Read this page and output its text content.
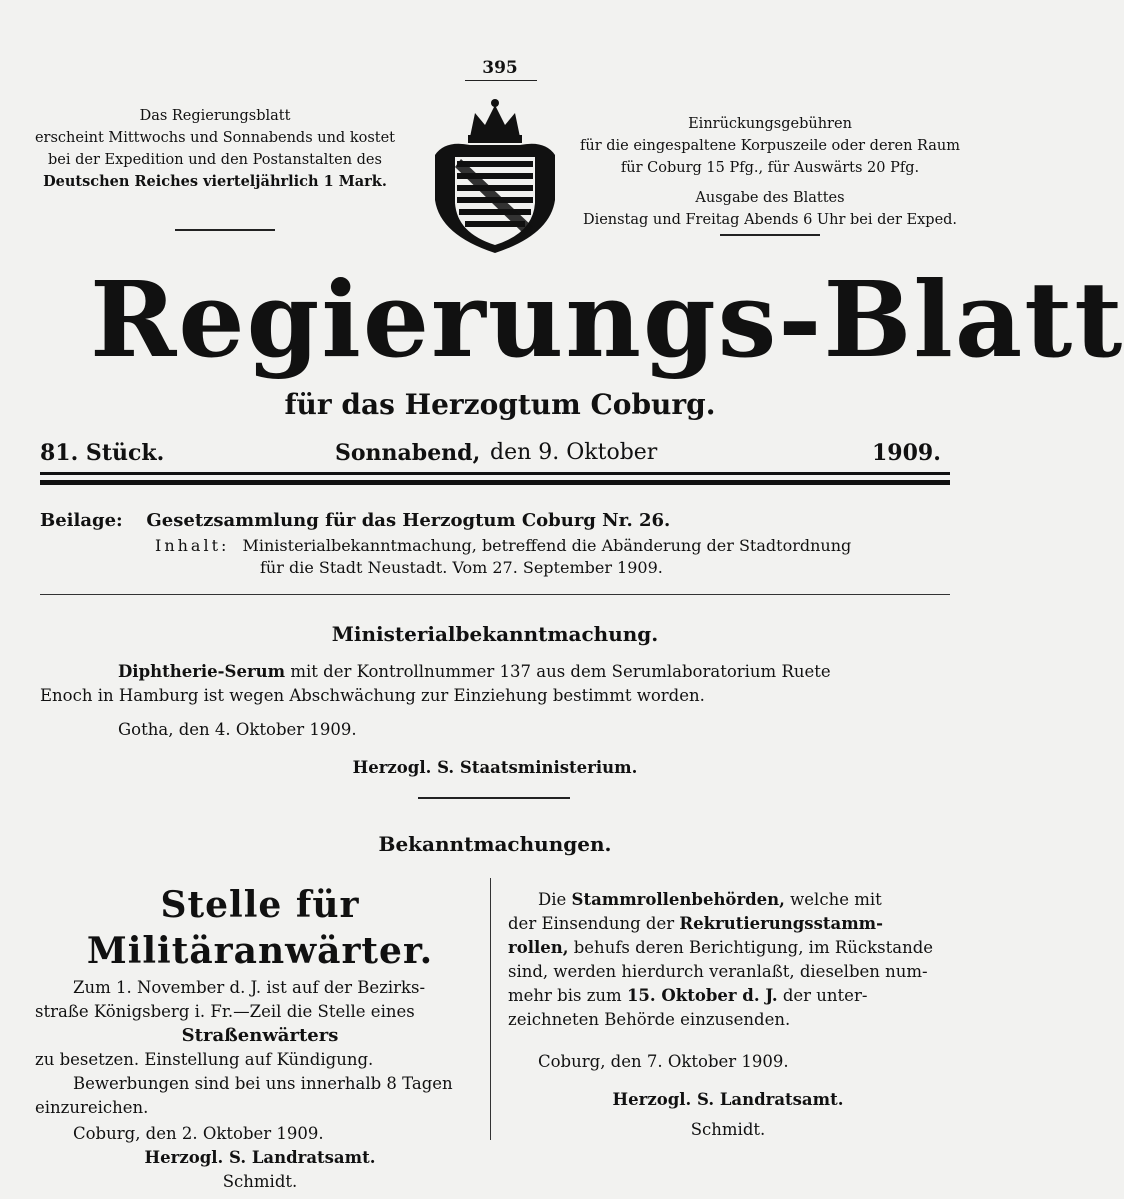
395
Das Regierungsblatt
erscheint Mittwochs und Sonnabends und kostet
bei der Expedition und den Postanstalten des
Deutschen Reiches vierteljährlich 1 Mark.
Einrückungsgebühren
für die eingespaltene Korpuszeile oder deren Raum
für Coburg 15 Pfg., für Auswärts 20 Pfg.
Ausgabe des Blattes
Dienstag und Freitag Abends 6 Uhr bei der Exped.
Regierungs-Blatt
für das Herzogtum Coburg.
81. Stück.	Sonnabend, den 9. Oktober	1909.
Beilage: Gesetzsammlung für das Herzogtum Coburg Nr. 26.
Inhalt: Ministerialbekanntmachung, betreffend die Abänderung der Stadtordnung
für die Stadt Neustadt. Vom 27. September 1909.
Ministerialbekanntmachung.
Diphtherie-Serum mit der Kontrollnummer 137 aus dem Serumlaboratorium Ruete
Enoch in Hamburg ist wegen Abschwächung zur Einziehung bestimmt worden.
Gotha, den 4. Oktober 1909.
Herzogl. S. Staatsministerium.
Bekanntmachungen.
Stelle für Militäranwärter.
Zum 1. November d. J. ist auf der Bezirks-
straße Königsberg i. Fr.—Zeil die Stelle eines
Straßenwärters
zu besetzen. Einstellung auf Kündigung.
Bewerbungen sind bei uns innerhalb 8 Tagen
einzureichen.
Coburg, den 2. Oktober 1909.
Herzogl. S. Landratsamt.
Schmidt.
Die Stammrollenbehörden, welche mit
der Einsendung der Rekrutierungsstamm-
rollen, behufs deren Berichtigung, im Rückstande
sind, werden hierdurch veranlaßt, dieselben num-
mehr bis zum 15. Oktober d. J. der unter-
zeichneten Behörde einzusenden.
Coburg, den 7. Oktober 1909.
Herzogl. S. Landratsamt.
Schmidt.
